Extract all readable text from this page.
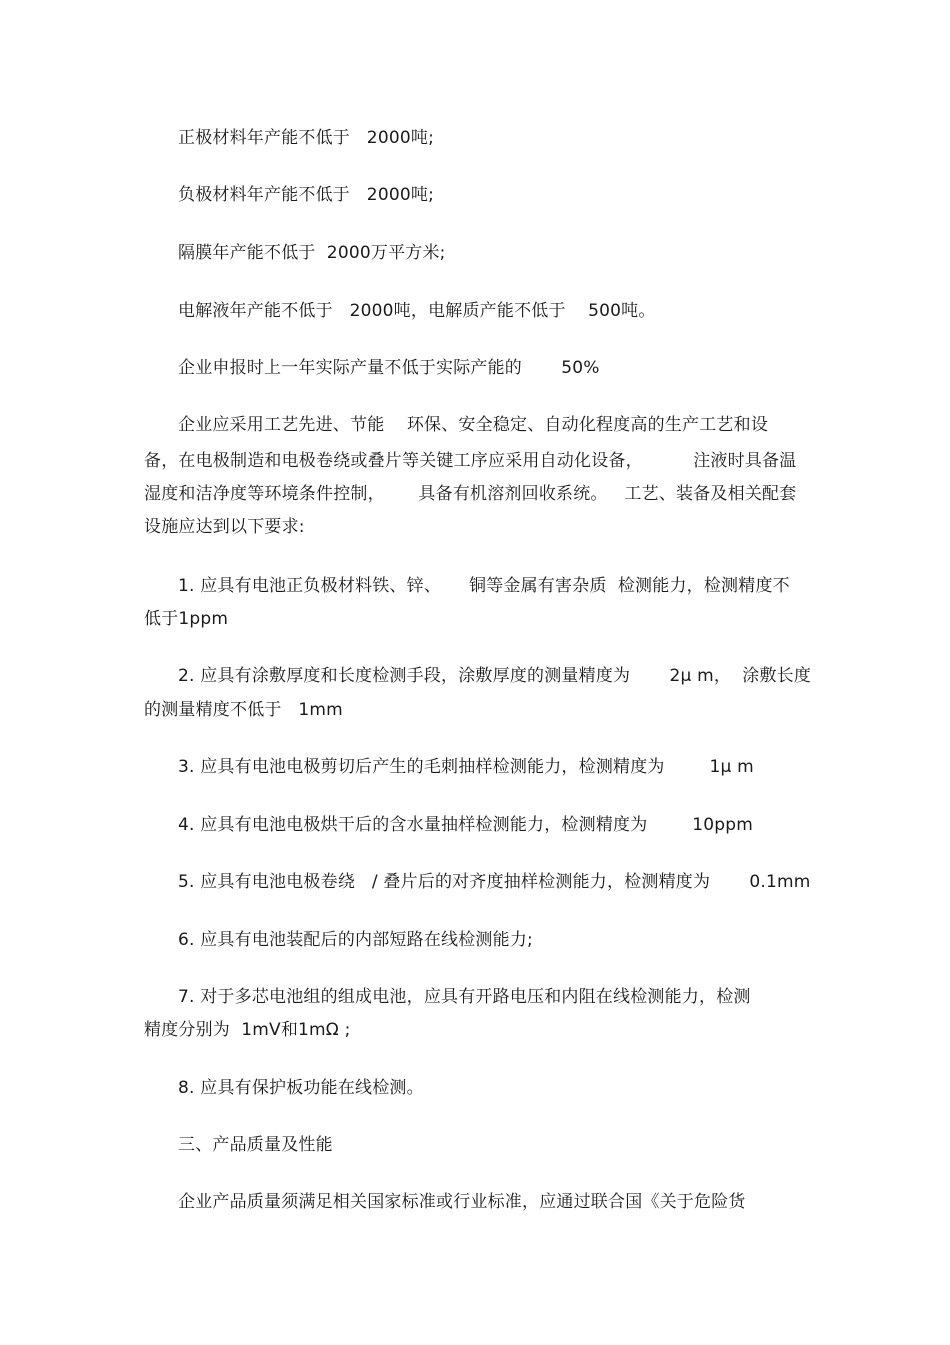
正极材料年产能不低于   2000吨;
负极材料年产能不低于   2000吨;
隔膜年产能不低于  2000万平方米;
电解液年产能不低于   2000吨，电解质产能不低于    500吨。
企业申报时上一年实际产量不低于实际产能的       50%
企业应采用工艺先进、节能    环保、安全稳定、自动化程度高的生产工艺和设
备，在电极制造和电极卷绕或叠片等关键工序应采用自动化设备，         注液时具备温
湿度和洁净度等环境条件控制，      具备有机溶剂回收系统。   工艺、装备及相关配套
设施应达到以下要求:
1. 应具有电池正负极材料铁、锌、     铜等金属有害杂质  检测能力，检测精度不
低于1ppm
2. 应具有涂敷厚度和长度检测手段，涂敷厚度的测量精度为       2μ m，  涂敷长度
的测量精度不低于   1mm
3. 应具有电池电极剪切后产生的毛刺抽样检测能力，检测精度为        1μ m
4. 应具有电池电极烘干后的含水量抽样检测能力，检测精度为        10ppm
5. 应具有电池电极卷绕   / 叠片后的对齐度抽样检测能力，检测精度为       0.1mm
6. 应具有电池装配后的内部短路在线检测能力;
7. 对于多芯电池组的组成电池，应具有开路电压和内阻在线检测能力，检测
精度分别为  1mV和1mΩ ;
8. 应具有保护板功能在线检测。
三、产品质量及性能
企业产品质量须满足相关国家标准或行业标准，应通过联合国《关于危险货
